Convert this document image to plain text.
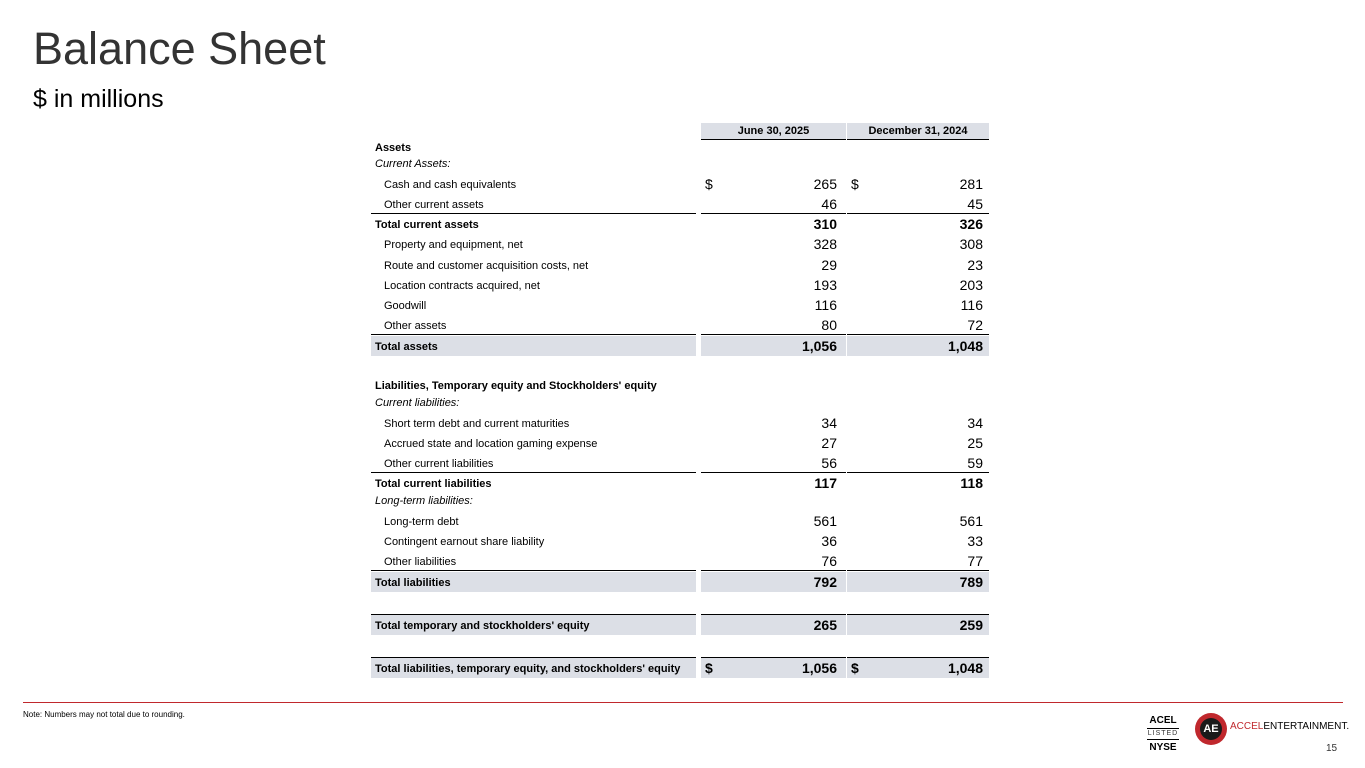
Balance Sheet
$ in millions
June 30, 2025	December 31, 2024
Assets
Current Assets:
Cash and cash equivalents	$	265 $	281
Other current assets	46	45
Total current assets	310	326
Property and equipment, net	328	308
Route and customer acquisition costs, net	29	23
Location contracts acquired, net	193	203
Goodwill	116	116
Other assets	80	72
Total assets	1,056	1,048
Liabilities, Temporary equity and Stockholders' equity
Current liabilities:
Short term debt and current maturities	34	34
Accrued state and location gaming expense	27	25
Other current liabilities	56	59
Total current liabilities	117	118
Long-term liabilities:
Long-term debt	561	561
Contingent earnout share liability	36	33
Other liabilities	76	77
Total liabilities	792	789
Total temporary and stockholders' equity	265	259
Total liabilities, temporary equity, and stockholders' equity $	1,056 $	1,048
Note: Numbers may not total due to rounding.
ACEL
LISTED
NYSE
AE	ACCELENTERTAINMENT.
15
